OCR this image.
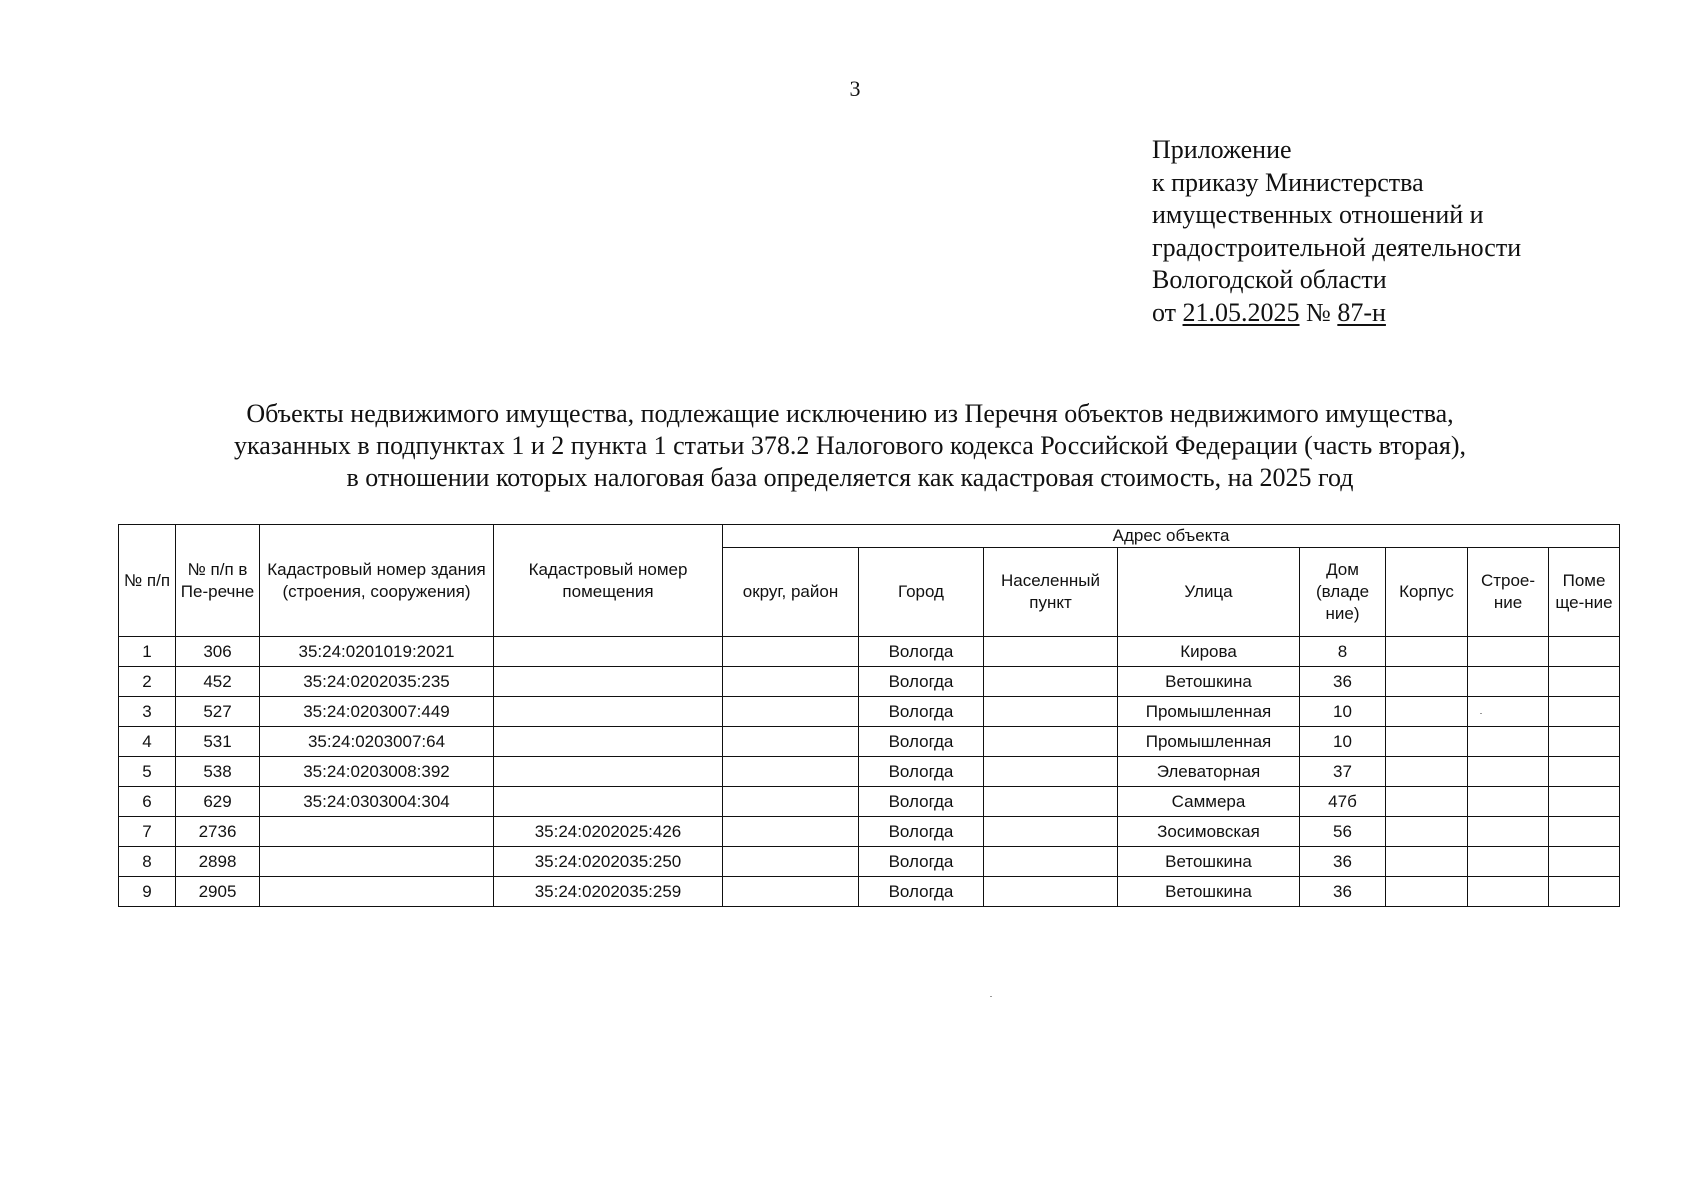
3
Приложение
к приказу Министерства
имущественных отношений и
градостроительной деятельности
Вологодской области
от 21.05.2025 № 87-н
Объекты недвижимого имущества, подлежащие исключению из Перечня объектов недвижимого имущества,
указанных в подпунктах 1 и 2 пункта 1 статьи 378.2 Налогового кодекса Российской Федерации (часть вторая),
в отношении которых налоговая база определяется как кадастровая стоимость, на 2025 год
№ п/п	№ п/п в Пе-речне	Кадастровый номер здания (строения, сооружения)	Кадастровый номер помещения	Адрес объекта							
				округ, район	Город	Населенный пункт	Улица	Дом (владе ние)	Корпус	Строе-ние	Поме ще-ние
1	306	35:24:0201019:2021			Вологда		Кирова	8			
2	452	35:24:0202035:235			Вологда		Ветошкина	36			
3	527	35:24:0203007:449			Вологда		Промышленная	10			
4	531	35:24:0203007:64			Вологда		Промышленная	10			
5	538	35:24:0203008:392			Вологда		Элеваторная	37			
6	629	35:24:0303004:304			Вологда		Саммера	47б			
7	2736		35:24:0202025:426		Вологда		Зосимовская	56			
8	2898		35:24:0202035:250		Вологда		Ветошкина	36			
9	2905		35:24:0202035:259		Вологда		Ветошкина	36			
